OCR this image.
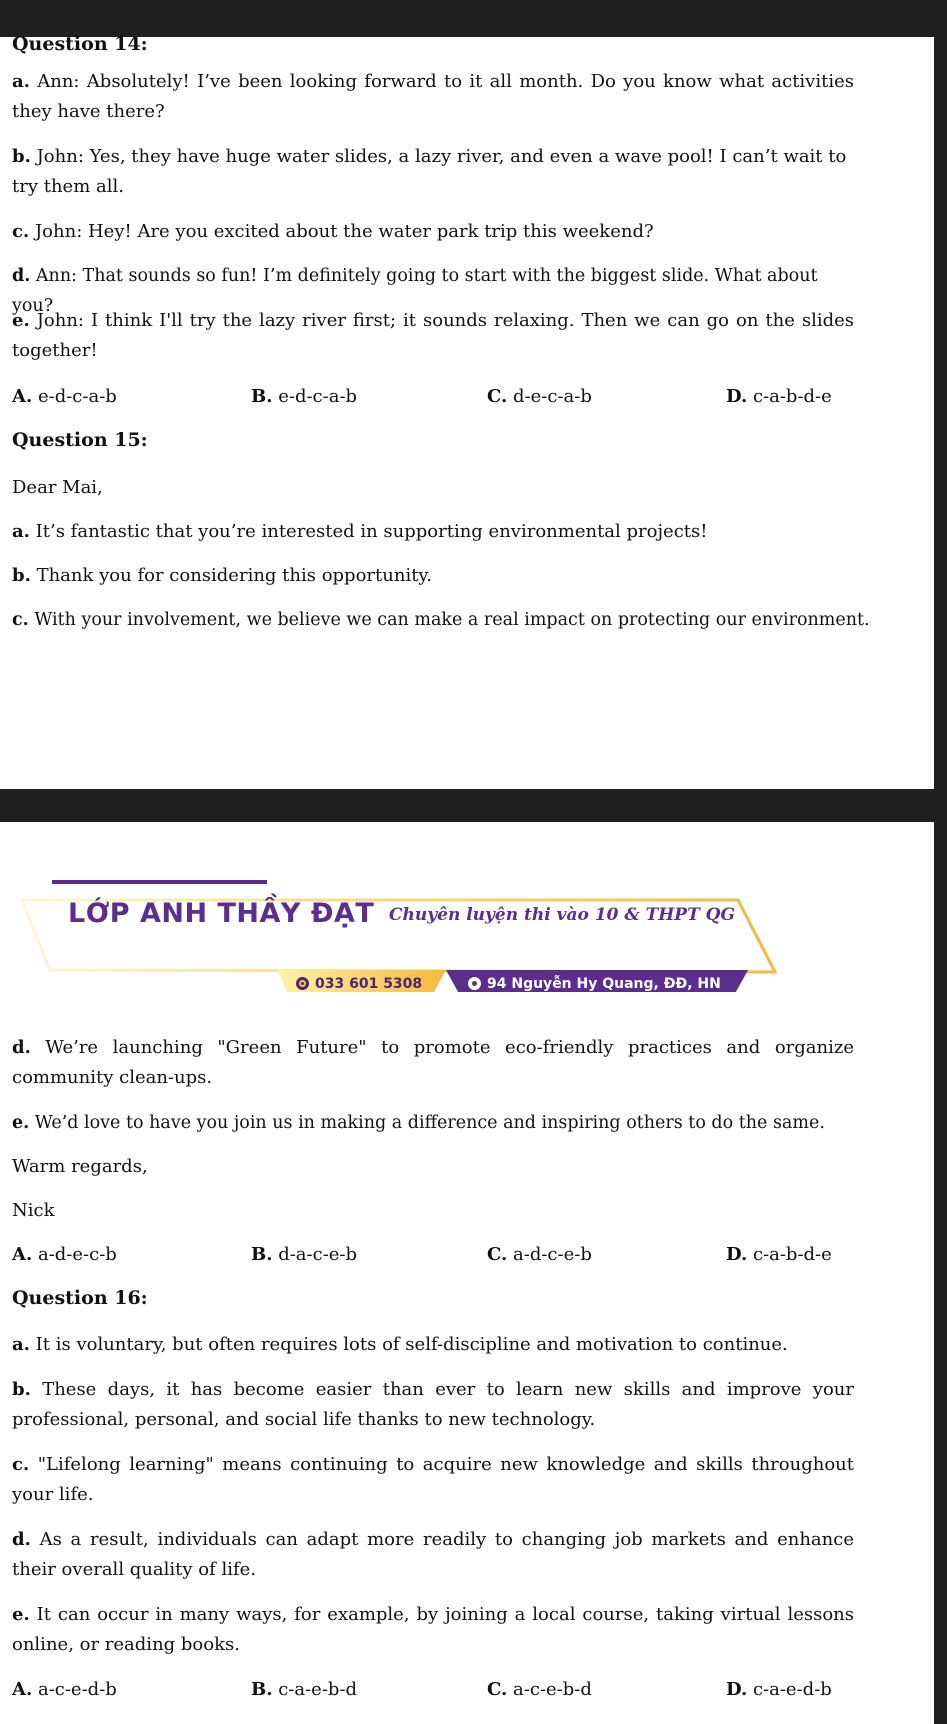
Question 14:

a. Ann: Absolutely! I’ve been looking forward to it all month. Do you know what activities they have there?

b. John: Yes, they have huge water slides, a lazy river, and even a wave pool! I can’t wait to try them all.

c. John: Hey! Are you excited about the water park trip this weekend?

d. Ann: That sounds so fun! I’m definitely going to start with the biggest slide. What about you?

e. John: I think I'll try the lazy river first; it sounds relaxing. Then we can go on the slides together!

A. e-d-c-a-b	B. e-d-c-a-b	C. d-e-c-a-b	D. c-a-b-d-e

Question 15:

Dear Mai,

a. It’s fantastic that you’re interested in supporting environmental projects!

b. Thank you for considering this opportunity.

c. With your involvement, we believe we can make a real impact on protecting our environment.

LỚP ANH THẦY ĐẠT Chuyên luyện thi vào 10 & THPT QG
033 601 5308	94 Nguyễn Hy Quang, ĐĐ, HN

d. We’re launching "Green Future" to promote eco-friendly practices and organize community clean-ups.

e. We’d love to have you join us in making a difference and inspiring others to do the same.

Warm regards,

Nick

A. a-d-e-c-b	B. d-a-c-e-b	C. a-d-c-e-b	D. c-a-b-d-e

Question 16:

a. It is voluntary, but often requires lots of self-discipline and motivation to continue.

b. These days, it has become easier than ever to learn new skills and improve your professional, personal, and social life thanks to new technology.

c. "Lifelong learning" means continuing to acquire new knowledge and skills throughout your life.

d. As a result, individuals can adapt more readily to changing job markets and enhance their overall quality of life.

e. It can occur in many ways, for example, by joining a local course, taking virtual lessons online, or reading books.

A. a-c-e-d-b	B. c-a-e-b-d	C. a-c-e-b-d	D. c-a-e-d-b
